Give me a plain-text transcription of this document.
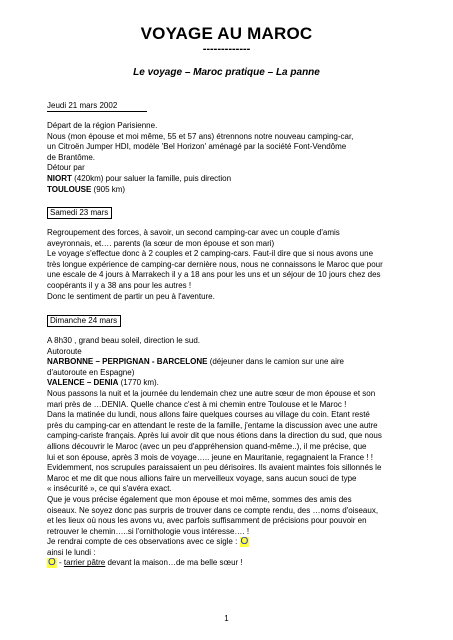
VOYAGE AU MAROC
-------------
Le voyage – Maroc pratique – La panne
Jeudi 21 mars 2002

Départ de la région Parisienne.

Nous (mon épouse et moi même, 55 et 57 ans) étrennons notre nouveau camping-car,

un Citroën Jumper HDI, modèle 'Bel Horizon' aménagé par la société Font-Vendôme

de Brantôme.

Détour par

NIORT (420km) pour saluer la famille, puis direction

TOULOUSE (905 km)

Samedi 23 mars

Regroupement des forces, à savoir, un second camping-car avec un couple d'amis

aveyronnais, et…. parents (la sœur de mon épouse et son mari)

Le voyage s'effectue donc à 2 couples et 2 camping-cars. Faut-il dire que si nous avons une

très longue expérience de camping-car dernière nous, nous ne connaissons le Maroc que pour

une escale de 4 jours à Marrakech il y a 18 ans pour les uns et un séjour de 10 jours chez des

coopérants il y a 38 ans pour les autres !

Donc le sentiment de partir un peu à l'aventure.

Dimanche 24 mars

A 8h30 , grand beau soleil, direction le sud.

Autoroute

NARBONNE – PERPIGNAN - BARCELONE (déjeuner dans le camion sur une aire

d'autoroute en Espagne)

VALENCE – DENIA (1770 km).

Nous passons la nuit et la journée du lendemain chez une autre sœur de mon épouse et son

mari près de …DENIA. Quelle chance c'est à mi chemin entre Toulouse et le Maroc !

Dans la matinée du lundi, nous allons faire quelques courses au village du coin. Etant resté

près du camping-car en attendant le reste de la famille, j'entame la discussion avec une autre

camping-cariste français. Après lui avoir dit que nous étions dans la direction du sud, que nous

allions découvrir le Maroc (avec un peu d'appréhension quand-même..), il me précise, que

lui et son épouse, après 3 mois de voyage….. jeune en Mauritanie, regagnaient la France ! !

Evidemment, nos scrupules paraissaient un peu dérisoires. Ils avaient maintes fois sillonnés le

Maroc et me dit que nous allions faire un merveilleux voyage, sans aucun souci de type

« insécurité », ce qui s'avéra exact.

Que je vous précise également que mon épouse et moi même, sommes des amis des

oiseaux. Ne soyez donc pas surpris de trouver dans ce compte rendu, des …noms d'oiseaux,

et les lieux où nous les avons vu, avec parfois suffisamment de précisions pour pouvoir en

retrouver le chemin…..si l'ornithologie vous intéresse…. !

Je rendrai compte de ces observations avec ce sigle : O

ainsi le lundi :

O - tarrier pâtre devant la maison…de ma belle sœur !

1
